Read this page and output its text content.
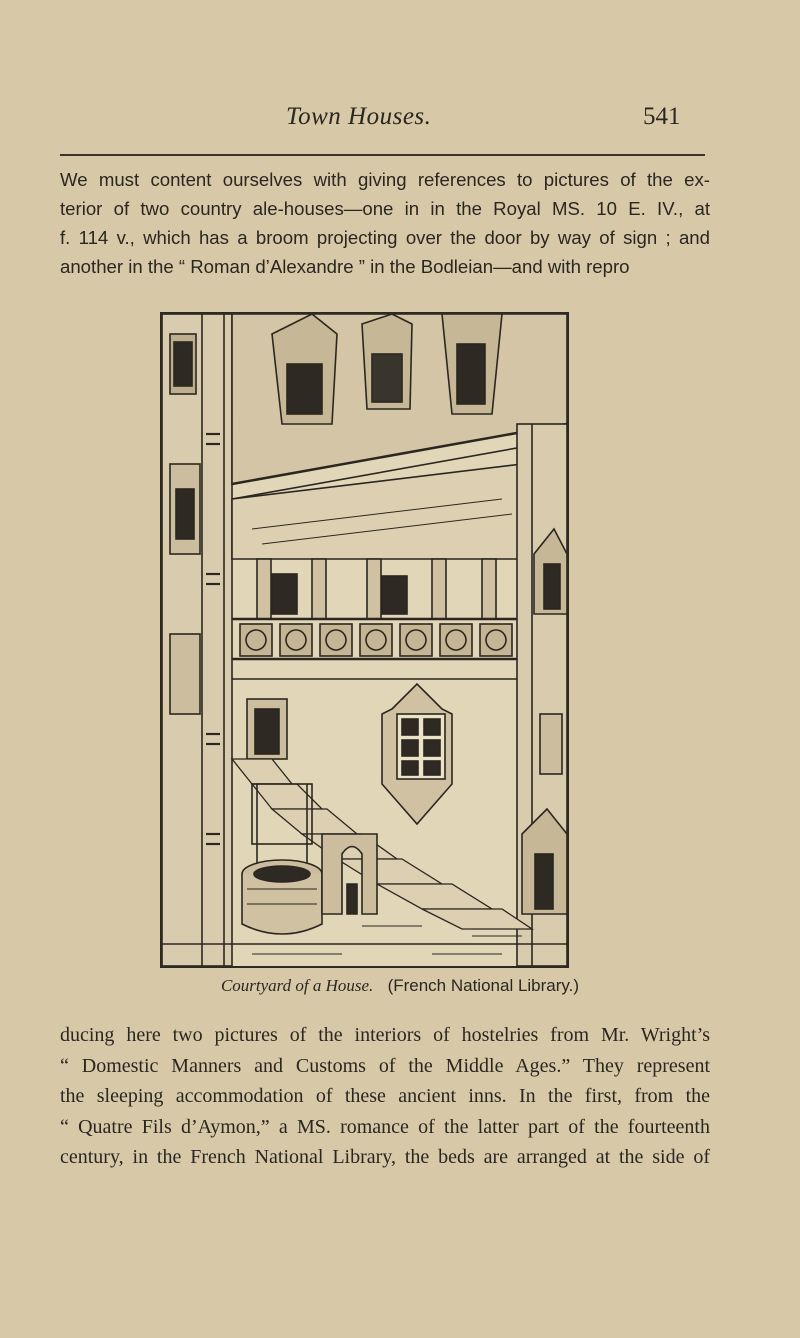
Town Houses.	541

We must content ourselves with giving references to pictures of the ex-
terior of two country ale-houses—one in in the Royal MS. 10 E. IV., at
f. 114 v., which has a broom projecting over the door by way of sign ; and
another in the “ Roman d’Alexandre ” in the Bodleian—and with repro

Courtyard of a House. (French National Library.)

ducing here two pictures of the interiors of hostelries from Mr. Wright’s
“ Domestic Manners and Customs of the Middle Ages.” They represent
the sleeping accommodation of these ancient inns. In the first, from the
“ Quatre Fils d’Aymon,” a MS. romance of the latter part of the fourteenth
century, in the French National Library, the beds are arranged at the side of
